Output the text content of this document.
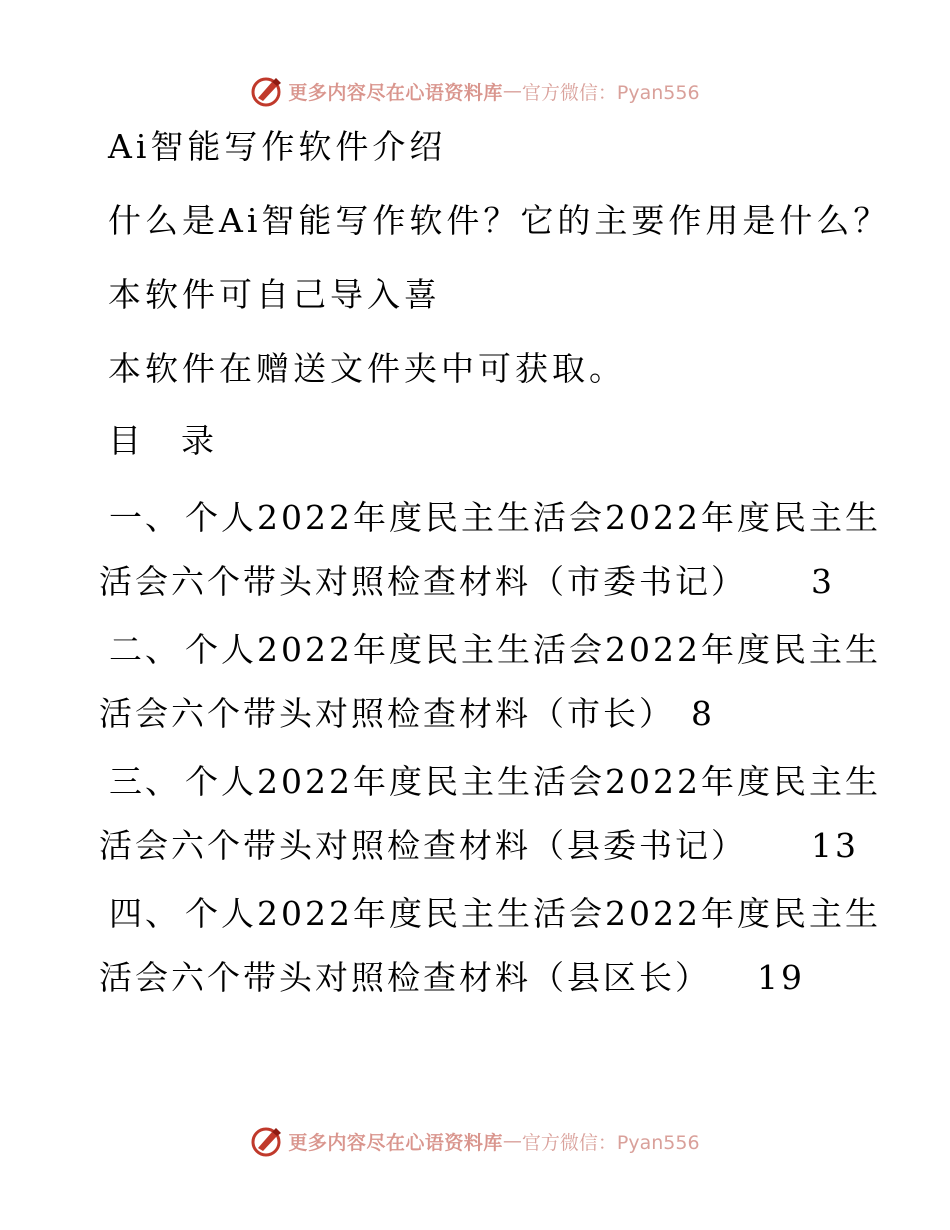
更多内容尽在心语资料库 — 官方微信：Pyan556
Ai智能写作软件介绍
什么是Ai智能写作软件？它的主要作用是什么？
本软件可自己导入喜
本软件在赠送文件夹中可获取。
目 录
一、 个人2022年度民主生活会2022年度民主生
活会六个带头对照检查材料（市委书记） 3
二、 个人2022年度民主生活会2022年度民主生
活会六个带头对照检查材料（市长） 8
三、 个人2022年度民主生活会2022年度民主生
活会六个带头对照检查材料（县委书记） 13
四、 个人2022年度民主生活会2022年度民主生
活会六个带头对照检查材料（县区长） 19
更多内容尽在心语资料库 — 官方微信：Pyan556
